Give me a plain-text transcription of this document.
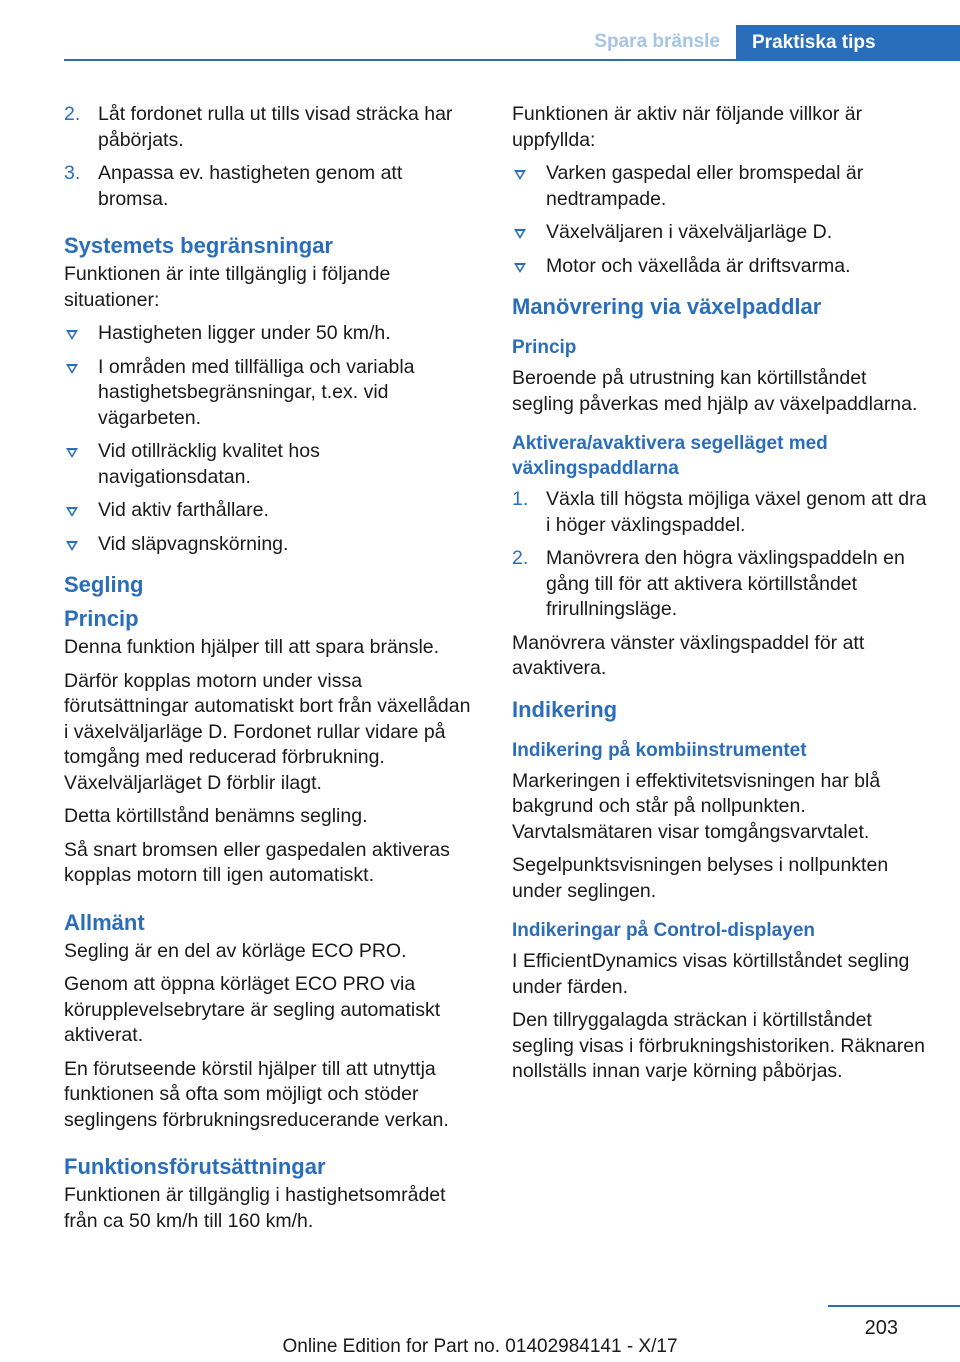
Spara bränsle	Praktiska tips
2. Låt fordonet rulla ut tills visad sträcka har påbörjats.
3. Anpassa ev. hastigheten genom att bromsa.
Systemets begränsningar

Funktionen är inte tillgänglig i följande situationer:

Hastigheten ligger under 50 km/h.
I områden med tillfälliga och variabla hastighetsbegränsningar, t.ex. vid vägarbeten.
Vid otillräcklig kvalitet hos navigationsdatan.
Vid aktiv farthållare.
Vid släpvagnskörning.
Segling
Princip

Denna funktion hjälper till att spara bränsle.

Därför kopplas motorn under vissa förutsättningar automatiskt bort från växellådan i växelväljarläge D. Fordonet rullar vidare på tomgång med reducerad förbrukning. Växelväljarläget D förblir ilagt.

Detta körtillstånd benämns segling.

Så snart bromsen eller gaspedalen aktiveras kopplas motorn till igen automatiskt.

Allmänt

Segling är en del av körläge ECO PRO.

Genom att öppna körläget ECO PRO via körupplevelsebrytare är segling automatiskt aktiverat.

En förutseende körstil hjälper till att utnyttja funktionen så ofta som möjligt och stöder seglingens förbrukningsreducerande verkan.

Funktionsförutsättningar

Funktionen är tillgänglig i hastighetsområdet från ca 50 km/h till 160 km/h.

Funktionen är aktiv när följande villkor är uppfyllda:

Varken gaspedal eller bromspedal är nedtrampade.
Växelväljaren i växelväljarläge D.
Motor och växellåda är driftsvarma.
Manövrering via växelpaddlar
Princip

Beroende på utrustning kan körtillståndet segling påverkas med hjälp av växelpaddlarna.

Aktivera/avaktivera segelläget med växlingspaddlarna
1. Växla till högsta möjliga växel genom att dra i höger växlingspaddel.
2. Manövrera den högra växlingspaddeln en gång till för att aktivera körtillståndet frirullningsläge.

Manövrera vänster växlingspaddel för att avaktivera.

Indikering
Indikering på kombiinstrumentet

Markeringen i effektivitetsvisningen har blå bakgrund och står på nollpunkten. Varvtalsmätaren visar tomgångsvarvtalet.

Segelpunktsvisningen belyses i nollpunkten under seglingen.

Indikeringar på Control-displayen

I EfficientDynamics visas körtillståndet segling under färden.

Den tillryggalagda sträckan i körtillståndet segling visas i förbrukningshistoriken. Räknaren nollställs innan varje körning påbörjas.

203
Online Edition for Part no. 01402984141 - X/17
